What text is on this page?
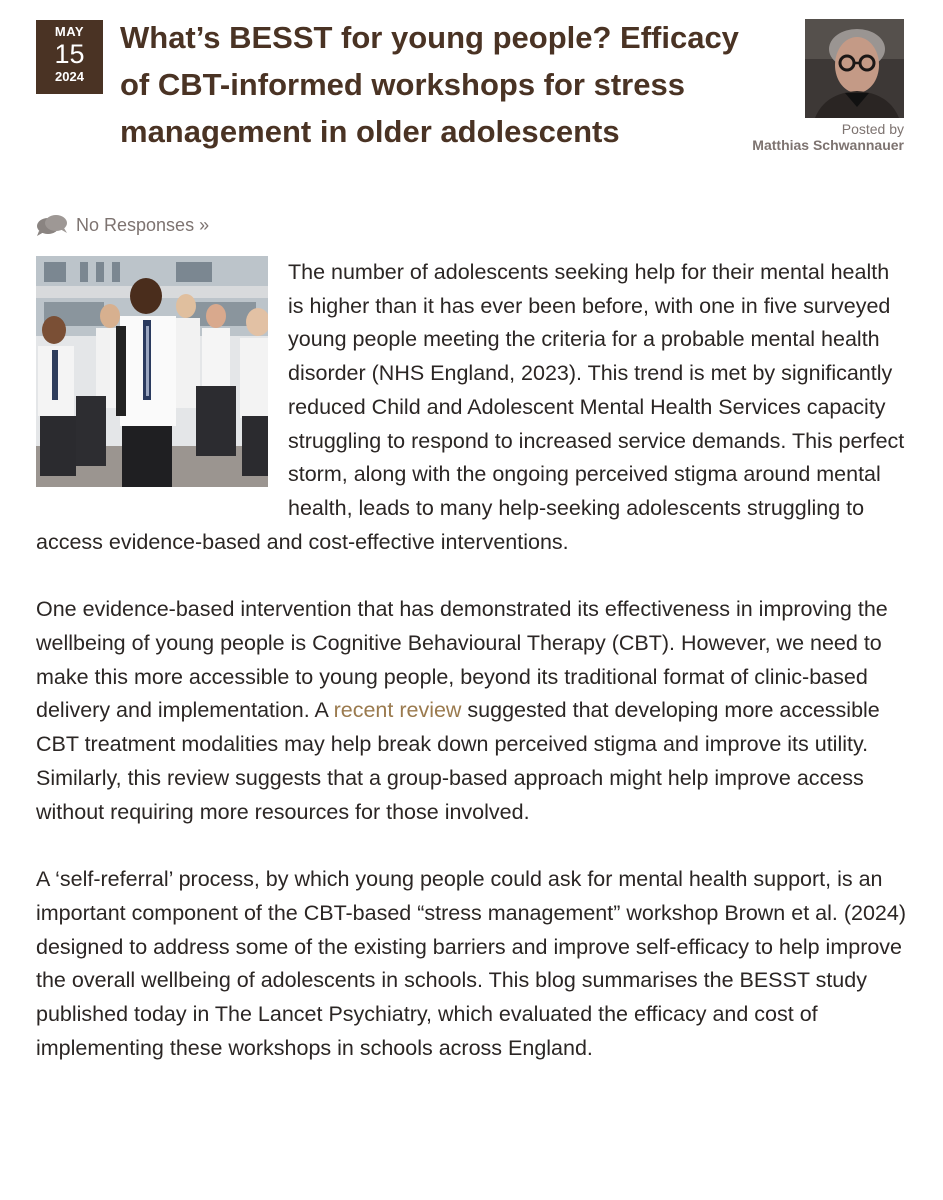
MAY
15
2024
What’s BESST for young people? Efficacy of CBT-informed workshops for stress management in older adolescents	Posted by
Matthias Schwannauer
No Responses »

The number of adolescents seeking help for their mental health is higher than it has ever been before, with one in five surveyed young people meeting the criteria for a probable mental health disorder (NHS England, 2023). This trend is met by significantly reduced Child and Adolescent Mental Health Services capacity struggling to respond to increased service demands. This perfect storm, along with the ongoing perceived stigma around mental health, leads to many help-seeking adolescents struggling to access evidence-based and cost-effective interventions.

One evidence-based intervention that has demonstrated its effectiveness in improving the wellbeing of young people is Cognitive Behavioural Therapy (CBT). However, we need to make this more accessible to young people, beyond its traditional format of clinic-based delivery and implementation. A recent review suggested that developing more accessible CBT treatment modalities may help break down perceived stigma and improve its utility. Similarly, this review suggests that a group-based approach might help improve access without requiring more resources for those involved.

A ‘self-referral’ process, by which young people could ask for mental health support, is an important component of the CBT-based “stress management” workshop Brown et al. (2024) designed to address some of the existing barriers and improve self-efficacy to help improve the overall wellbeing of adolescents in schools. This blog summarises the BESST study published today in The Lancet Psychiatry, which evaluated the efficacy and cost of implementing these workshops in schools across England.
